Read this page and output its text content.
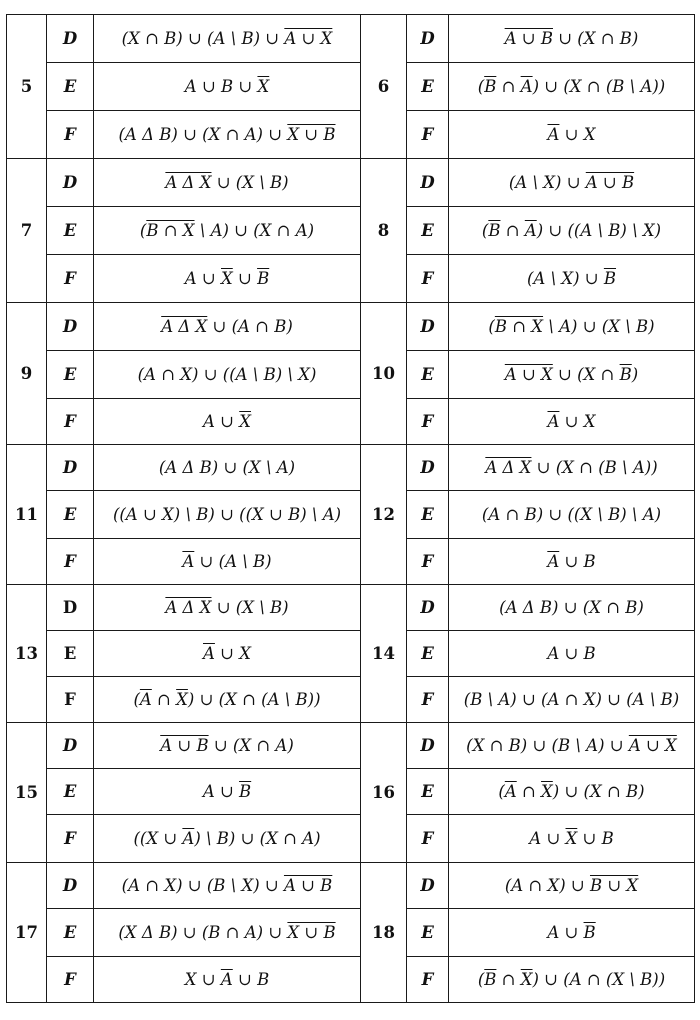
5	D	(X ∩ B) ∪ (A \ B) ∪ A ∪ X	6	D	A ∪ B ∪ (X ∩ B)
	E	A ∪ B ∪ $\overline{X}$		E	($\overline{B}$ ∩ $\overline{A}$) ∪ (X ∩ (B \ A))
	F	(A Δ B) ∪ (X ∩ A) ∪ X ∪ B		F	$\overline{A}$ ∪ X
7	D	A Δ X ∪ (X \ B)	8	D	(A \ X) ∪ A ∪ B
	E	(B ∩ X \ A) ∪ (X ∩ A)		E	($\overline{B}$ ∩ $\overline{A}$) ∪ ((A \ B) \ X)
	F	A ∪ $\overline{X}$ ∪ $\overline{B}$		F	(A \ X) ∪ $\overline{B}$
9	D	A Δ X ∪ (A ∩ B)	10	D	(B ∩ X \ A) ∪ (X \ B)
	E	(A ∩ X) ∪ ((A \ B) \ X)		E	A ∪ X ∪ (X ∩ $\overline{B}$)
	F	A ∪ $\overline{X}$		F	$\overline{A}$ ∪ X
11	D	(A Δ B) ∪ (X \ A)	12	D	A Δ X ∪ (X ∩ (B \ A))
	E	((A ∪ X) \ B) ∪ ((X ∪ B) \ A)		E	(A ∩ B) ∪ ((X \ B) \ A)
	F	$\overline{A}$ ∪ (A \ B)		F	$\overline{A}$ ∪ B
13	D	A Δ X ∪ (X \ B)	14	D	(A Δ B) ∪ (X ∩ B)
	E	$\overline{A}$ ∪ X		E	A ∪ B
	F	($\overline{A}$ ∩ $\overline{X}$) ∪ (X ∩ (A \ B))		F	(B \ A) ∪ (A ∩ X) ∪ (A \ B)
15	D	A ∪ B ∪ (X ∩ A)	16	D	(X ∩ B) ∪ (B \ A) ∪ A ∪ X
	E	A ∪ $\overline{B}$		E	($\overline{A}$ ∩ $\overline{X}$) ∪ (X ∩ B)
	F	((X ∪ $\overline{A}$) \ B) ∪ (X ∩ A)		F	A ∪ $\overline{X}$ ∪ B
17	D	(A ∩ X) ∪ (B \ X) ∪ A ∪ B	18	D	(A ∩ X) ∪ B ∪ X
	E	(X Δ B) ∪ (B ∩ A) ∪ X ∪ B		E	A ∪ $\overline{B}$
	F	X ∪ $\overline{A}$ ∪ B		F	($\overline{B}$ ∩ $\overline{X}$) ∪ (A ∩ (X \ B))
